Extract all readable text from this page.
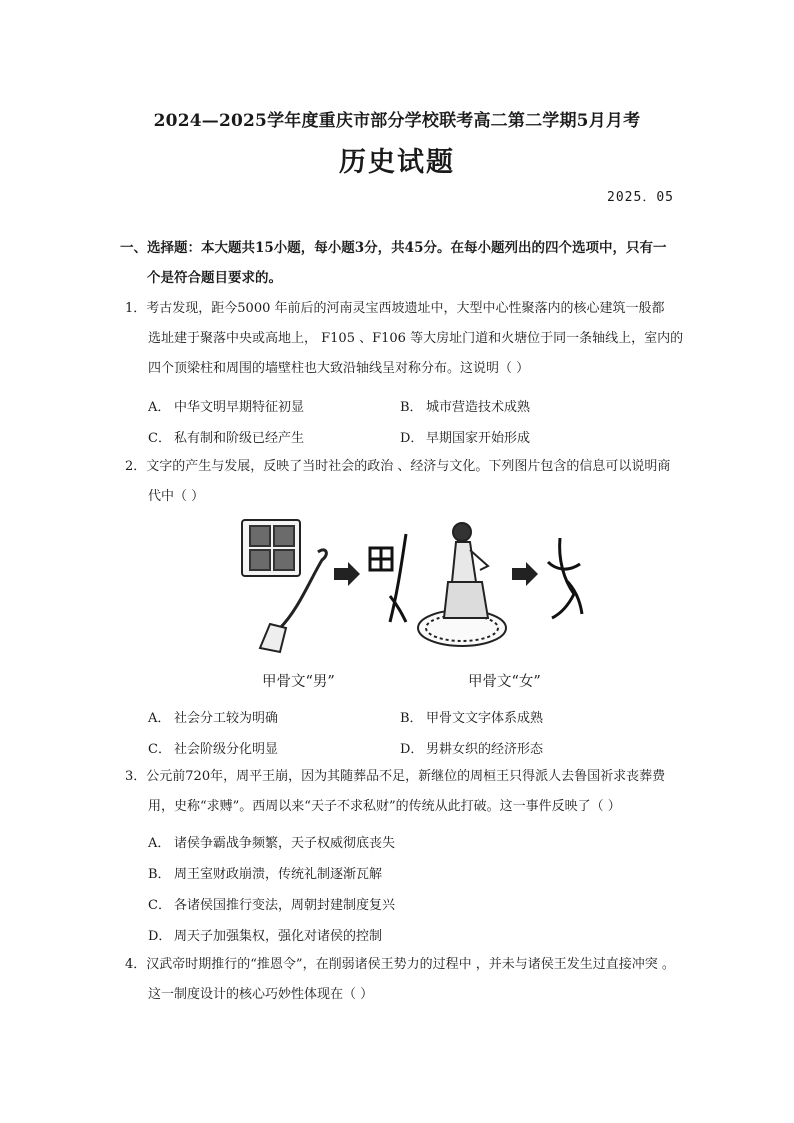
2024—2025学年度重庆市部分学校联考高二第二学期5月月考
历史试题
2025．05
一、选择题：本大题共15小题，每小题3分，共45分。在每小题列出的四个选项中，只有一
个是符合题目要求的。
1．考古发现，距今5000 年前后的河南灵宝西坡遗址中，大型中心性聚落内的核心建筑一般都
选址建于聚落中央或高地上， F105 、F106 等大房址门道和火塘位于同一条轴线上，室内的
四个顶梁柱和周围的墙壁柱也大致沿轴线呈对称分布。这说明（ ）
A． 中华文明早期特征初显	B． 城市营造技术成熟
C． 私有制和阶级已经产生	D． 早期国家开始形成
2．文字的产生与发展，反映了当时社会的政治 、经济与文化。下列图片包含的信息可以说明商
代中（ ）
甲骨文“男”	甲骨文“女”
A． 社会分工较为明确	B． 甲骨文文字体系成熟
C． 社会阶级分化明显	D． 男耕女织的经济形态
3．公元前720年，周平王崩，因为其随葬品不足，新继位的周桓王只得派人去鲁国祈求丧葬费
用，史称“求赙”。西周以来“天子不求私财”的传统从此打破。这一事件反映了（ ）
A． 诸侯争霸战争频繁，天子权威彻底丧失
B． 周王室财政崩溃，传统礼制逐渐瓦解
C． 各诸侯国推行变法，周朝封建制度复兴
D． 周天子加强集权，强化对诸侯的控制
4．汉武帝时期推行的“推恩令”，在削弱诸侯王势力的过程中 ，并未与诸侯王发生过直接冲突 。
这一制度设计的核心巧妙性体现在（ ）
